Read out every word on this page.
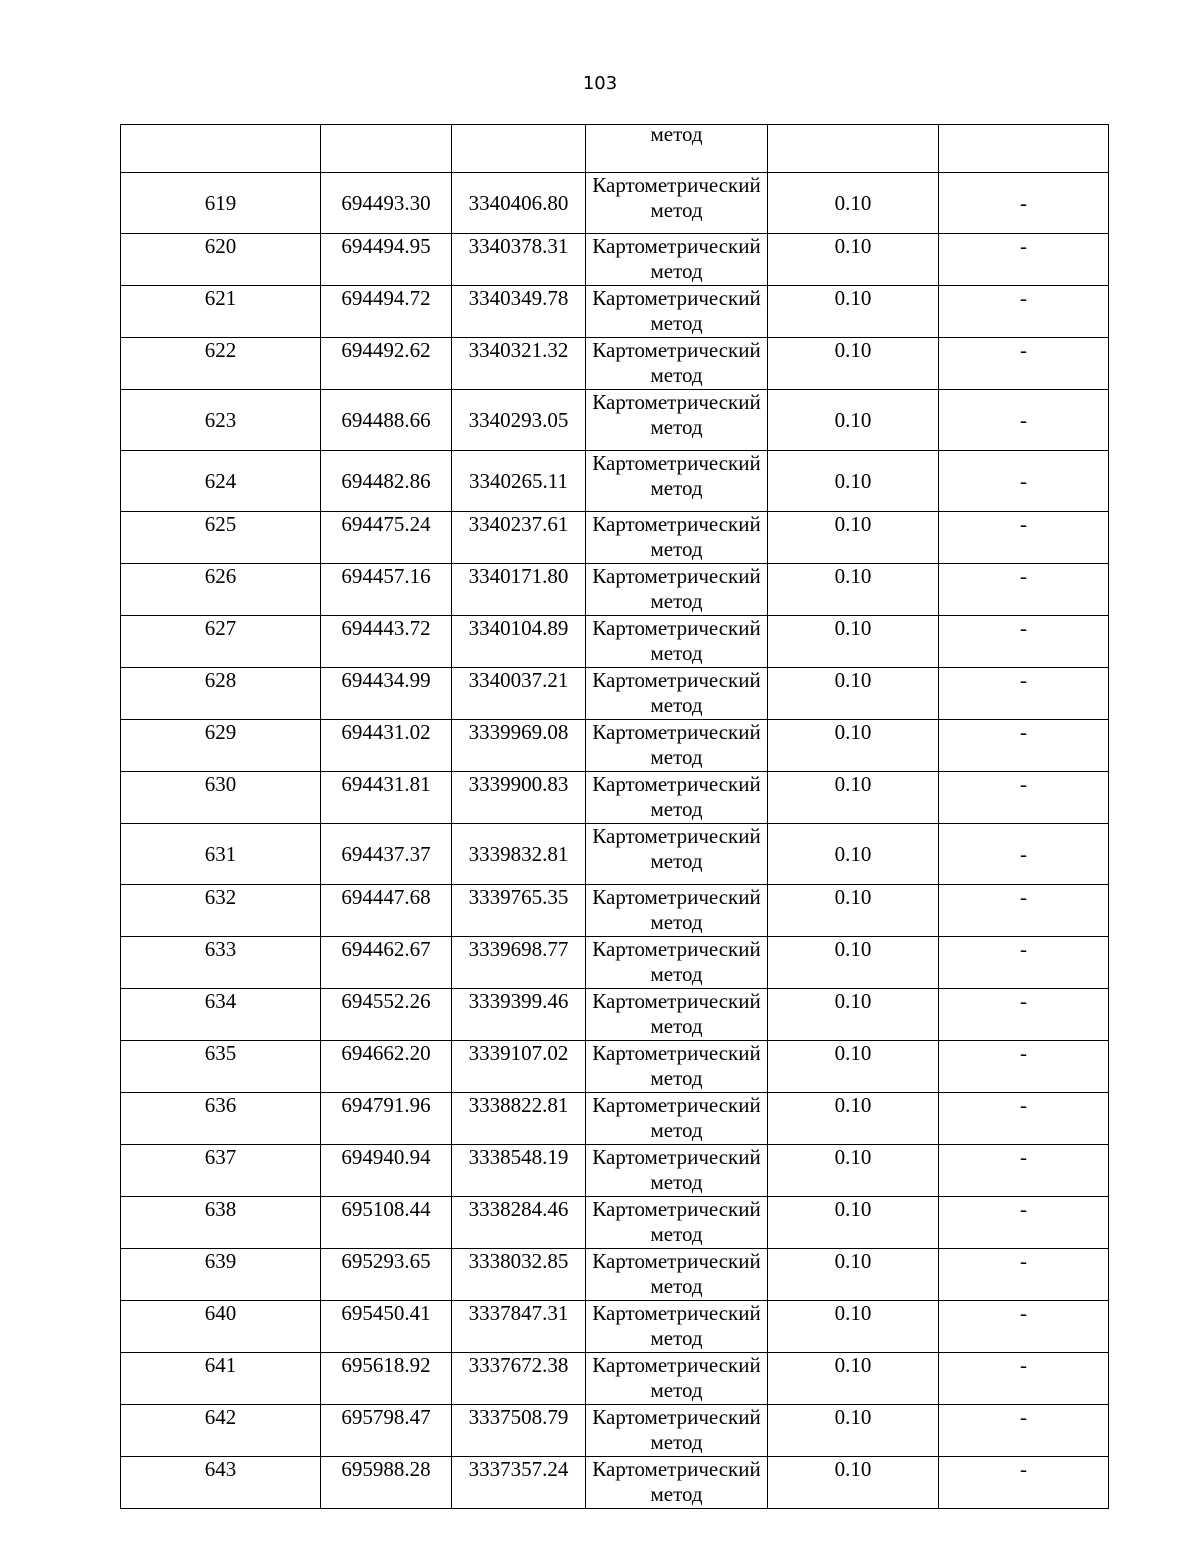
103

			метод		

619	694493.30	3340406.80	Картометрический
метод	0.10	-
620	694494.95	3340378.31	Картометрический
метод	0.10	-
621	694494.72	3340349.78	Картометрический
метод	0.10	-
622	694492.62	3340321.32	Картометрический
метод	0.10	-
623	694488.66	3340293.05	Картометрический
метод	0.10	-
624	694482.86	3340265.11	Картометрический
метод	0.10	-
625	694475.24	3340237.61	Картометрический
метод	0.10	-
626	694457.16	3340171.80	Картометрический
метод	0.10	-
627	694443.72	3340104.89	Картометрический
метод	0.10	-
628	694434.99	3340037.21	Картометрический
метод	0.10	-
629	694431.02	3339969.08	Картометрический
метод	0.10	-
630	694431.81	3339900.83	Картометрический
метод	0.10	-
631	694437.37	3339832.81	Картометрический
метод	0.10	-
632	694447.68	3339765.35	Картометрический
метод	0.10	-
633	694462.67	3339698.77	Картометрический
метод	0.10	-
634	694552.26	3339399.46	Картометрический
метод	0.10	-
635	694662.20	3339107.02	Картометрический
метод	0.10	-
636	694791.96	3338822.81	Картометрический
метод	0.10	-
637	694940.94	3338548.19	Картометрический
метод	0.10	-
638	695108.44	3338284.46	Картометрический
метод	0.10	-
639	695293.65	3338032.85	Картометрический
метод	0.10	-
640	695450.41	3337847.31	Картометрический
метод	0.10	-
641	695618.92	3337672.38	Картометрический
метод	0.10	-
642	695798.47	3337508.79	Картометрический
метод	0.10	-
643	695988.28	3337357.24	Картометрический
метод	0.10	-
